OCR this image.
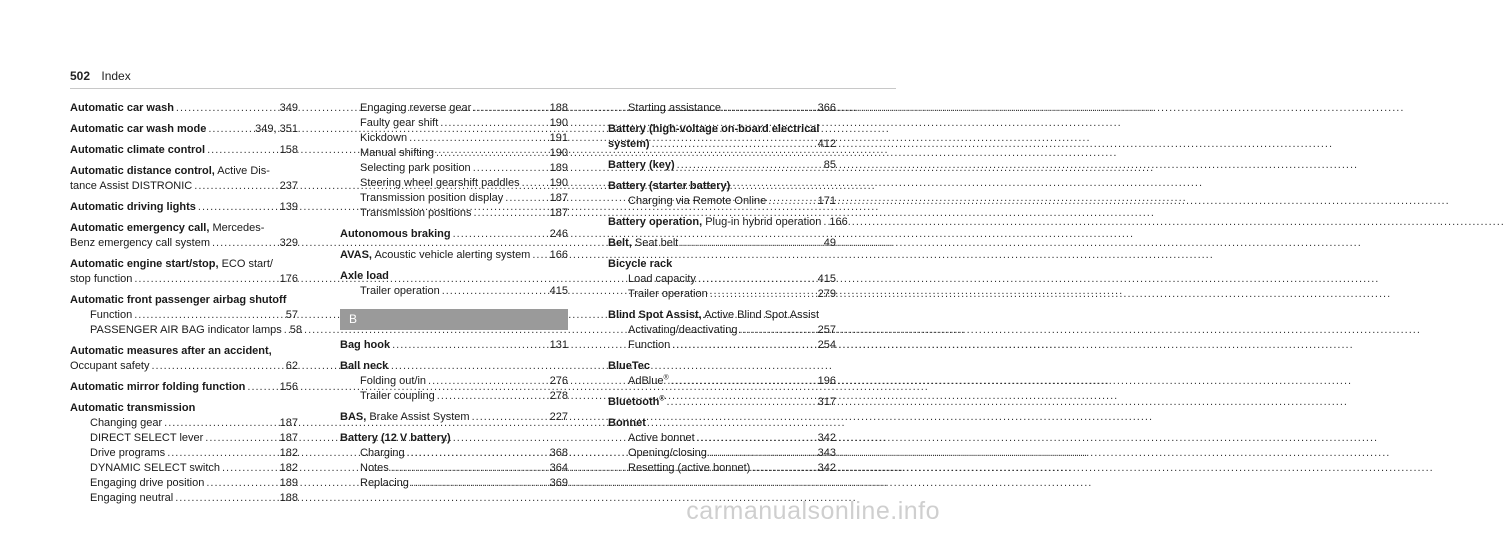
502 Index
Automatic car wash .....	349
Automatic car wash mode .....	349, 351
Automatic climate control .....	158
Automatic distance control, Active Dis-
tance Assist DISTRONIC .....	237
Automatic driving lights .....	139
Automatic emergency call, Mercedes-
Benz emergency call system .....	329
Automatic engine start/stop, ECO start/
stop function .....	176
Automatic front passenger airbag shutoff
Function .....	57
PASSENGER AIR BAG indicator lamps ..... 58
Automatic measures after an accident,
Occupant safety .....	62
Automatic mirror folding function .....	156
Automatic transmission
Changing gear .....	187
DIRECT SELECT lever .....	187
Drive programs .....	182
DYNAMIC SELECT switch .....	182
Engaging drive position .....	189
Engaging neutral .....	188
Engaging reverse gear .....	188
Faulty gear shift .....	190
Kickdown .....	191
Manual shifting .....	190
Selecting park position .....	189
Steering wheel gearshift paddles .....	190
Transmission position display .....	187
Transmission positions .....	187
Autonomous braking .....	246
AVAS, Acoustic vehicle alerting system ..... 166
Axle load
Trailer operation .....	415
B
Bag hook .....	131
Ball neck
Folding out/in .....	276
Trailer coupling .....	278
BAS, Brake Assist System .....	227
Battery (12 V battery)
Charging .....	368
Notes .....	364
Replacing .....	369
Starting assistance .....	366
Battery (high-voltage on-board electrical
system) .....	412
Battery (key) .....	85
Battery (starter battery)
Charging via Remote Online .....	171
Battery operation, Plug-in hybrid operation ..... 166
Belt, Seat belt .....	49
Bicycle rack
Load capacity .....	415
Trailer operation .....	279
Blind Spot Assist, Active Blind Spot Assist
Activating/deactivating .....	257
Function .....	254
BlueTec
AdBlue® .....	196
Bluetooth® .....	317
Bonnet
Active bonnet .....	342
Opening/closing .....	343
Resetting (active bonnet) .....	342
carmanualsonline.info
